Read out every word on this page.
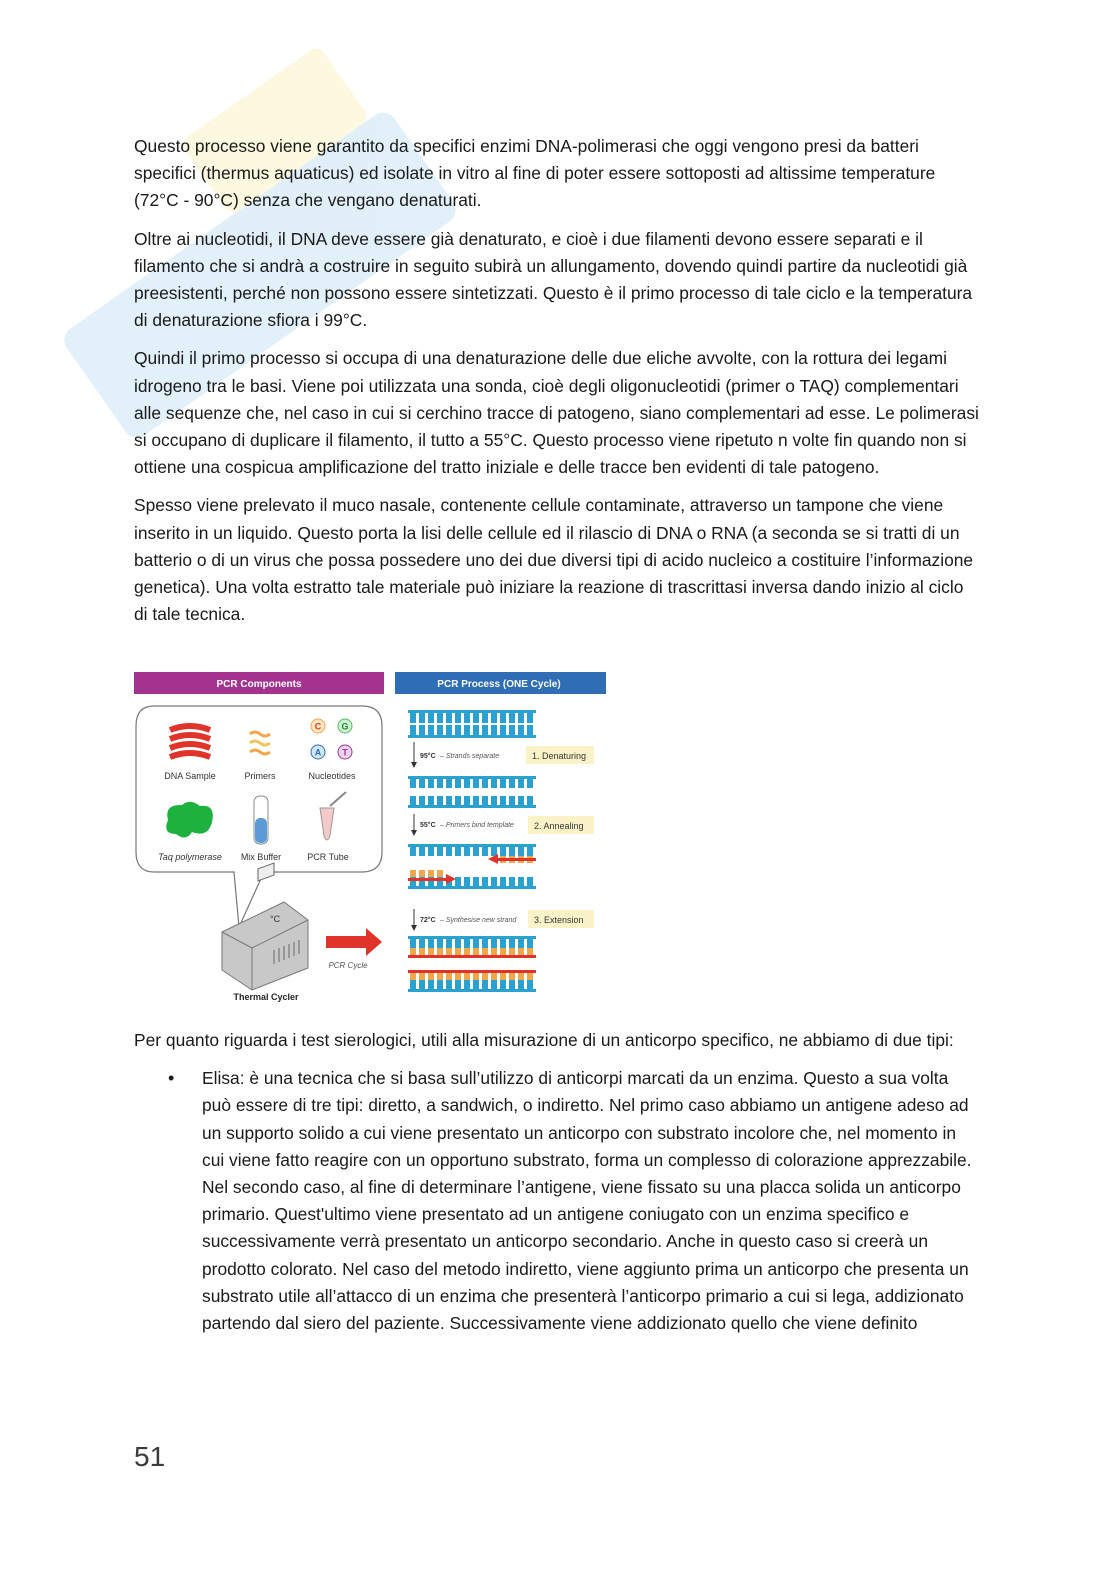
Questo processo viene garantito da specifici enzimi DNA-polimerasi che oggi vengono presi da batteri specifici (thermus aquaticus) ed isolate in vitro al fine di poter essere sottoposti ad altissime temperature (72°C - 90°C) senza che vengano denaturati.

Oltre ai nucleotidi, il DNA deve essere già denaturato, e cioè i due filamenti devono essere separati e il filamento che si andrà a costruire in seguito subirà un allungamento, dovendo quindi partire da nucleotidi già preesistenti, perché non possono essere sintetizzati. Questo è il primo processo di tale ciclo e la temperatura di denaturazione sfiora i 99°C.

Quindi il primo processo si occupa di una denaturazione delle due eliche avvolte, con la rottura dei legami idrogeno tra le basi. Viene poi utilizzata una sonda, cioè degli oligonucleotidi (primer o TAQ) complementari alle sequenze che, nel caso in cui si cerchino tracce di patogeno, siano complementari ad esse. Le polimerasi si occupano di duplicare il filamento, il tutto a 55°C. Questo processo viene ripetuto n volte fin quando non si ottiene una cospicua amplificazione del tratto iniziale e delle tracce ben evidenti di tale patogeno.

Spesso viene prelevato il muco nasale, contenente cellule contaminate, attraverso un tampone che viene inserito in un liquido. Questo porta la lisi delle cellule ed il rilascio di DNA o RNA (a seconda se si tratti di un batterio o di un virus che possa possedere uno dei due diversi tipi di acido nucleico a costituire l’informazione genetica). Una volta estratto tale materiale può iniziare la reazione di trascrittasi inversa dando inizio al ciclo di tale tecnica.

PCR Components	PCR Process (ONE Cycle)
DNA Sample	Primers
C G
A T
Nucleotides
Taq polymerase Mix Buffer	PCR Tube
°C
Thermal Cycler
PCR Cycle
95°C – Strands separate	1. Denaturing
55°C – Primers bind template 2. Annealing
72°C – Synthesise new strand 3. Extension

Per quanto riguarda i test sierologici, utili alla misurazione di un anticorpo specifico, ne abbiamo di due tipi:

• Elisa: è una tecnica che si basa sull’utilizzo di anticorpi marcati da un enzima. Questo a sua volta può essere di tre tipi: diretto, a sandwich, o indiretto. Nel primo caso abbiamo un antigene adeso ad un supporto solido a cui viene presentato un anticorpo con substrato incolore che, nel momento in cui viene fatto reagire con un opportuno substrato, forma un complesso di colorazione apprezzabile. Nel secondo caso, al fine di determinare l’antigene, viene fissato su una placca solida un anticorpo primario. Quest'ultimo viene presentato ad un antigene coniugato con un enzima specifico e successivamente verrà presentato un anticorpo secondario. Anche in questo caso si creerà un prodotto colorato. Nel caso del metodo indiretto, viene aggiunto prima un anticorpo che presenta un substrato utile all’attacco di un enzima che presenterà l’anticorpo primario a cui si lega, addizionato partendo dal siero del paziente. Successivamente viene addizionato quello che viene definito
51
